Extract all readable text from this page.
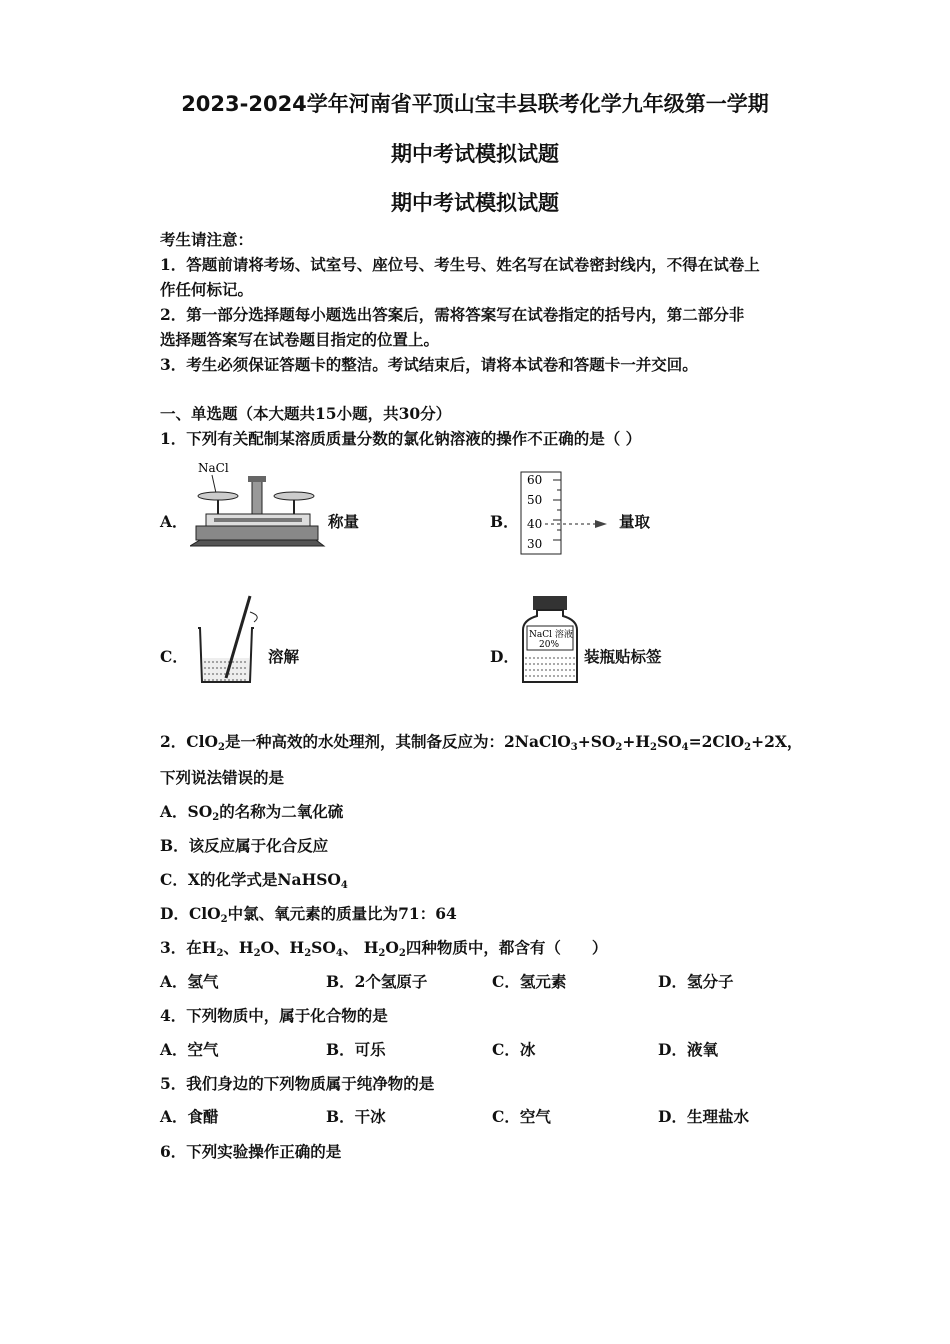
2023-2024学年河南省平顶山宝丰县联考化学九年级第一学期
期中考试模拟试题
期中考试模拟试题
考生请注意：
1．答题前请将考场、试室号、座位号、考生号、姓名写在试卷密封线内，不得在试卷上
作任何标记。
2．第一部分选择题每小题选出答案后，需将答案写在试卷指定的括号内，第二部分非
选择题答案写在试卷题目指定的位置上。
3．考生必须保证答题卡的整洁。考试结束后，请将本试卷和答题卡一并交回。
一、单选题（本大题共15小题，共30分）
1．下列有关配制某溶质质量分数的氯化钠溶液的操作不正确的是（ ）
A．
NaCl
称量	B．
60
50
40
30
量取
C．	溶解	D．
NaCl 溶液
20%
装瓶贴标签
2．ClO$_2$是一种高效的水处理剂，其制备反应为：$2NaClO_3+SO_2+H_2SO_4=2ClO_2+2X$，
下列说法错误的是
A．$SO_2$的名称为二氧化硫
B．该反应属于化合反应
C．X的化学式是NaHSO$_4$
D．ClO$_2$中氯、氧元素的质量比为71：64
3．在$H_2$、$H_2O$、$H_2SO_4$、 $H_2O_2$四种物质中，都含有（　　）
A．氢气	B．2个氢原子	C．氢元素	D．氢分子
4．下列物质中，属于化合物的是
A．空气	B．可乐	C．冰	D．液氧
5．我们身边的下列物质属于纯净物的是
A．食醋	B．干冰	C．空气	D．生理盐水
6．下列实验操作正确的是
